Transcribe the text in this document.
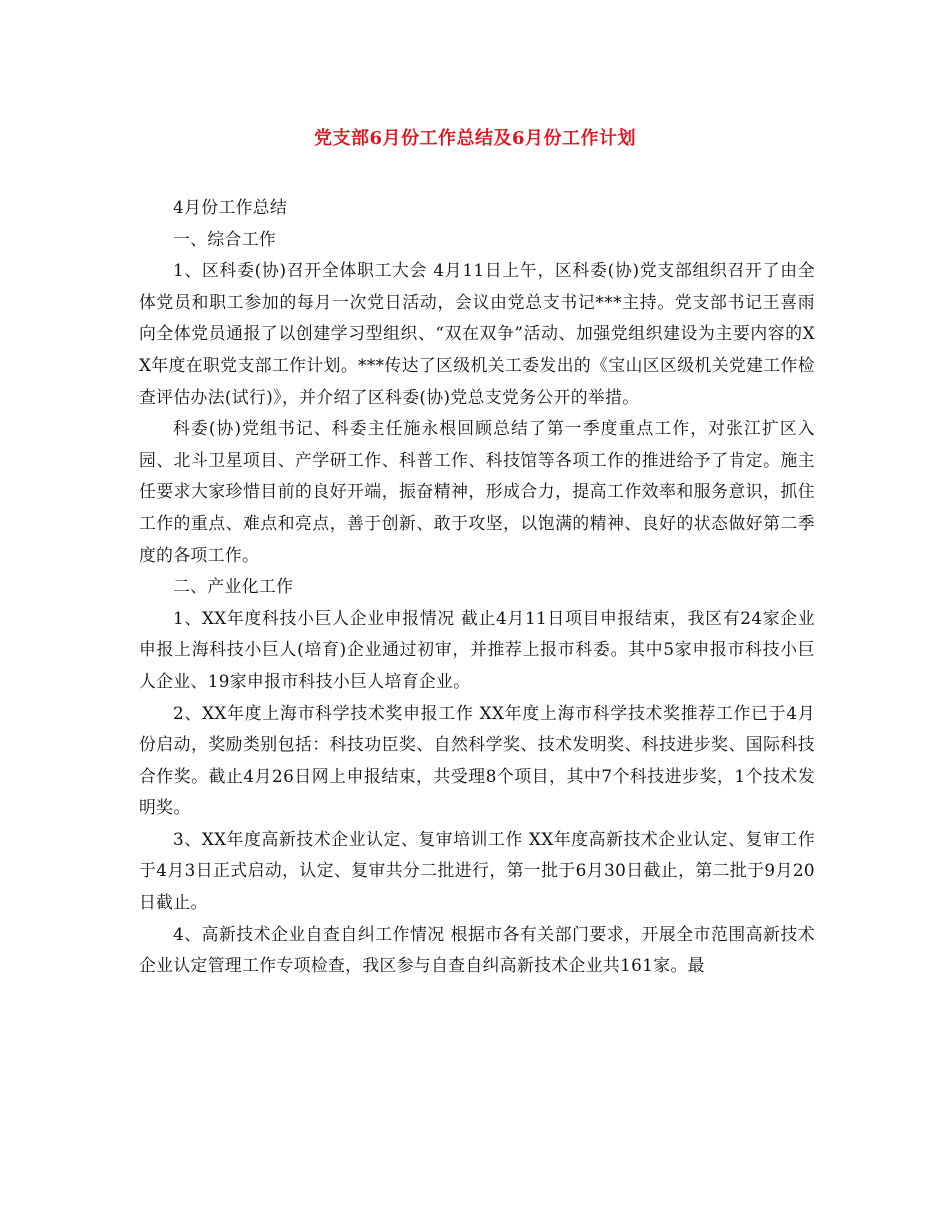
党支部6月份工作总结及6月份工作计划

4月份工作总结

一、综合工作

1、区科委(协)召开全体职工大会 4月11日上午，区科委(协)党支部组织召开了由全体党员和职工参加的每月一次党日活动，会议由党总支书记***主持。党支部书记王喜雨向全体党员通报了以创建学习型组织、“双在双争”活动、加强党组织建设为主要内容的XX年度在职党支部工作计划。***传达了区级机关工委发出的《宝山区区级机关党建工作检查评估办法(试行)》，并介绍了区科委(协)党总支党务公开的举措。

科委(协)党组书记、科委主任施永根回顾总结了第一季度重点工作，对张江扩区入园、北斗卫星项目、产学研工作、科普工作、科技馆等各项工作的推进给予了肯定。施主任要求大家珍惜目前的良好开端，振奋精神，形成合力，提高工作效率和服务意识，抓住工作的重点、难点和亮点，善于创新、敢于攻坚，以饱满的精神、良好的状态做好第二季度的各项工作。

二、产业化工作

1、XX年度科技小巨人企业申报情况 截止4月11日项目申报结束，我区有24家企业申报上海科技小巨人(培育)企业通过初审，并推荐上报市科委。其中5家申报市科技小巨人企业、19家申报市科技小巨人培育企业。

2、XX年度上海市科学技术奖申报工作 XX年度上海市科学技术奖推荐工作已于4月份启动，奖励类别包括：科技功臣奖、自然科学奖、技术发明奖、科技进步奖、国际科技合作奖。截止4月26日网上申报结束，共受理8个项目，其中7个科技进步奖，1个技术发明奖。

3、XX年度高新技术企业认定、复审培训工作 XX年度高新技术企业认定、复审工作于4月3日正式启动，认定、复审共分二批进行，第一批于6月30日截止，第二批于9月20日截止。

4、高新技术企业自查自纠工作情况 根据市各有关部门要求，开展全市范围高新技术企业认定管理工作专项检查，我区参与自查自纠高新技术企业共161家。最
